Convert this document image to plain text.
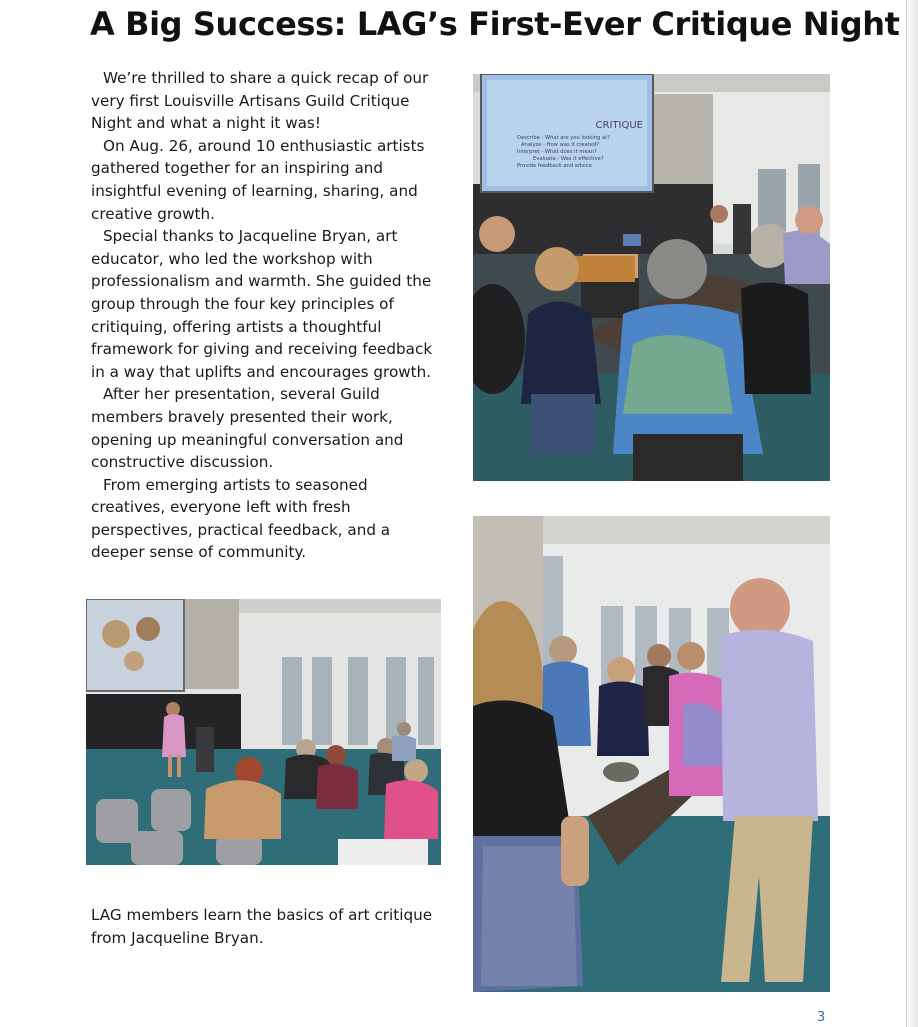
A Big Success: LAG’s First-Ever Critique Night

We’re thrilled to share a quick recap of our very first Louisville Artisans Guild Critique Night and what a night it was!

On Aug. 26, around 10 enthusiastic artists gathered together for an inspiring and insightful evening of learning, sharing, and creative growth.

Special thanks to Jacqueline Bryan, art educator, who led the workshop with professionalism and warmth. She guided the group through the four key principles of critiquing, offering artists a thoughtful framework for giving and receiving feedback in a way that uplifts and encourages growth.

After her presentation, several Guild members bravely presented their work, opening up meaningful conversation and constructive discussion.

From emerging artists to seasoned creatives, everyone left with fresh perspectives, practical feedback, and a deeper sense of community.

CRITIQUE
Describe - What are you looking at?
Analyze - How was it created?
Interpret - What does it mean?
Evaluate - Was it effective?
Provide feedback and advice

LAG members learn the basics of art critique from Jacqueline Bryan.

3
